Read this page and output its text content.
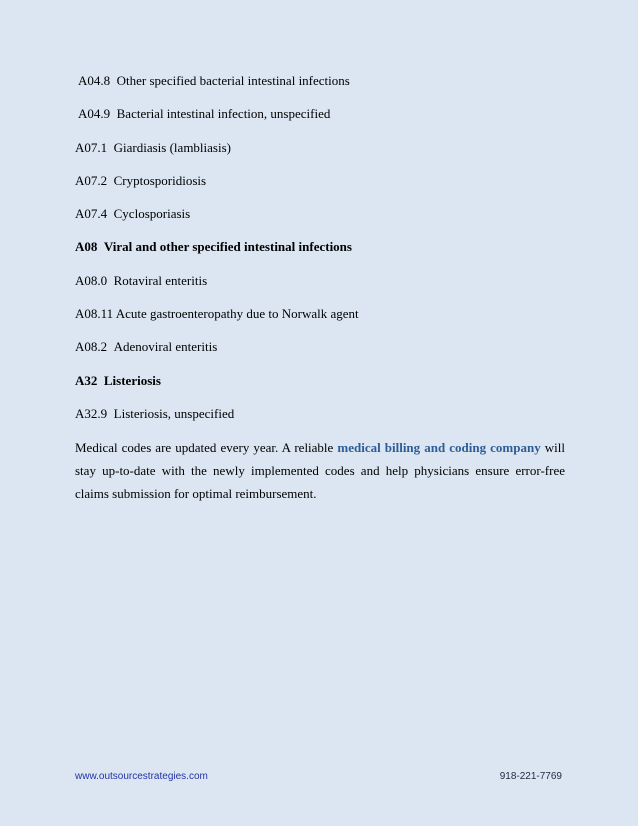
A04.8 Other specified bacterial intestinal infections
A04.9 Bacterial intestinal infection, unspecified
A07.1 Giardiasis (lambliasis)
A07.2 Cryptosporidiosis
A07.4 Cyclosporiasis
A08 Viral and other specified intestinal infections
A08.0 Rotaviral enteritis
A08.11 Acute gastroenteropathy due to Norwalk agent
A08.2 Adenoviral enteritis
A32 Listeriosis
A32.9 Listeriosis, unspecified
Medical codes are updated every year. A reliable medical billing and coding company will stay up-to-date with the newly implemented codes and help physicians ensure error-free claims submission for optimal reimbursement.
www.outsourcestrategies.com	918-221-7769
